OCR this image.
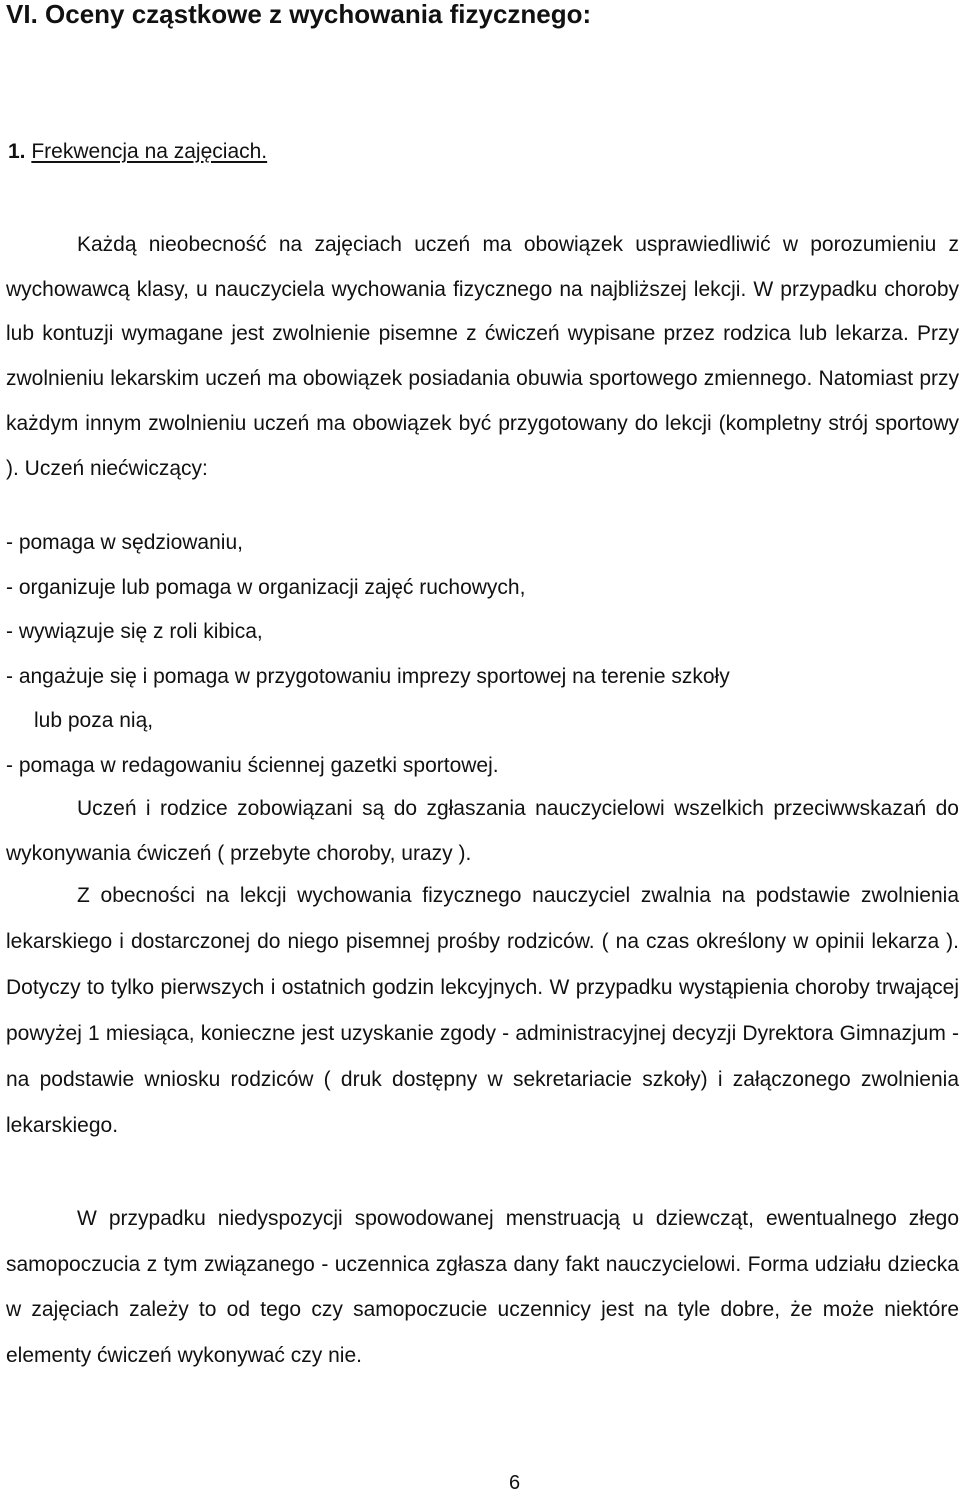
VI. Oceny cząstkowe z wychowania fizycznego:
1. Frekwencja na zajęciach.

Każdą nieobecność na zajęciach uczeń ma obowiązek usprawiedliwić w porozumieniu z wychowawcą klasy, u nauczyciela wychowania fizycznego na najbliższej lekcji. W przypadku choroby lub kontuzji wymagane jest zwolnienie pisemne z ćwiczeń wypisane przez rodzica lub lekarza. Przy zwolnieniu lekarskim uczeń ma obowiązek posiadania obuwia sportowego zmiennego. Natomiast przy każdym innym zwolnieniu uczeń ma obowiązek być przygotowany do lekcji (kompletny strój sportowy ). Uczeń niećwiczący:

- pomaga w sędziowaniu,
- organizuje lub pomaga w organizacji zajęć ruchowych,
- wywiązuje się z roli kibica,
- angażuje się i pomaga w przygotowaniu imprezy sportowej na terenie szkoły
lub poza nią,
- pomaga w redagowaniu ściennej gazetki sportowej.

Uczeń i rodzice zobowiązani są do zgłaszania nauczycielowi wszelkich przeciwwskazań do wykonywania ćwiczeń ( przebyte choroby, urazy ).

Z obecności na lekcji wychowania fizycznego nauczyciel zwalnia na podstawie zwolnienia lekarskiego i dostarczonej do niego pisemnej prośby rodziców. ( na czas określony w opinii lekarza ). Dotyczy to tylko pierwszych i ostatnich godzin lekcyjnych. W przypadku wystąpienia choroby trwającej powyżej 1 miesiąca, konieczne jest uzyskanie zgody - administracyjnej decyzji Dyrektora Gimnazjum - na podstawie wniosku rodziców ( druk dostępny w sekretariacie szkoły) i załączonego zwolnienia lekarskiego.

W przypadku niedyspozycji spowodowanej menstruacją u dziewcząt, ewentualnego złego samopoczucia z tym związanego - uczennica zgłasza dany fakt nauczycielowi. Forma udziału dziecka w zajęciach zależy to od tego czy samopoczucie uczennicy jest na tyle dobre, że może niektóre elementy ćwiczeń wykonywać czy nie.

6
